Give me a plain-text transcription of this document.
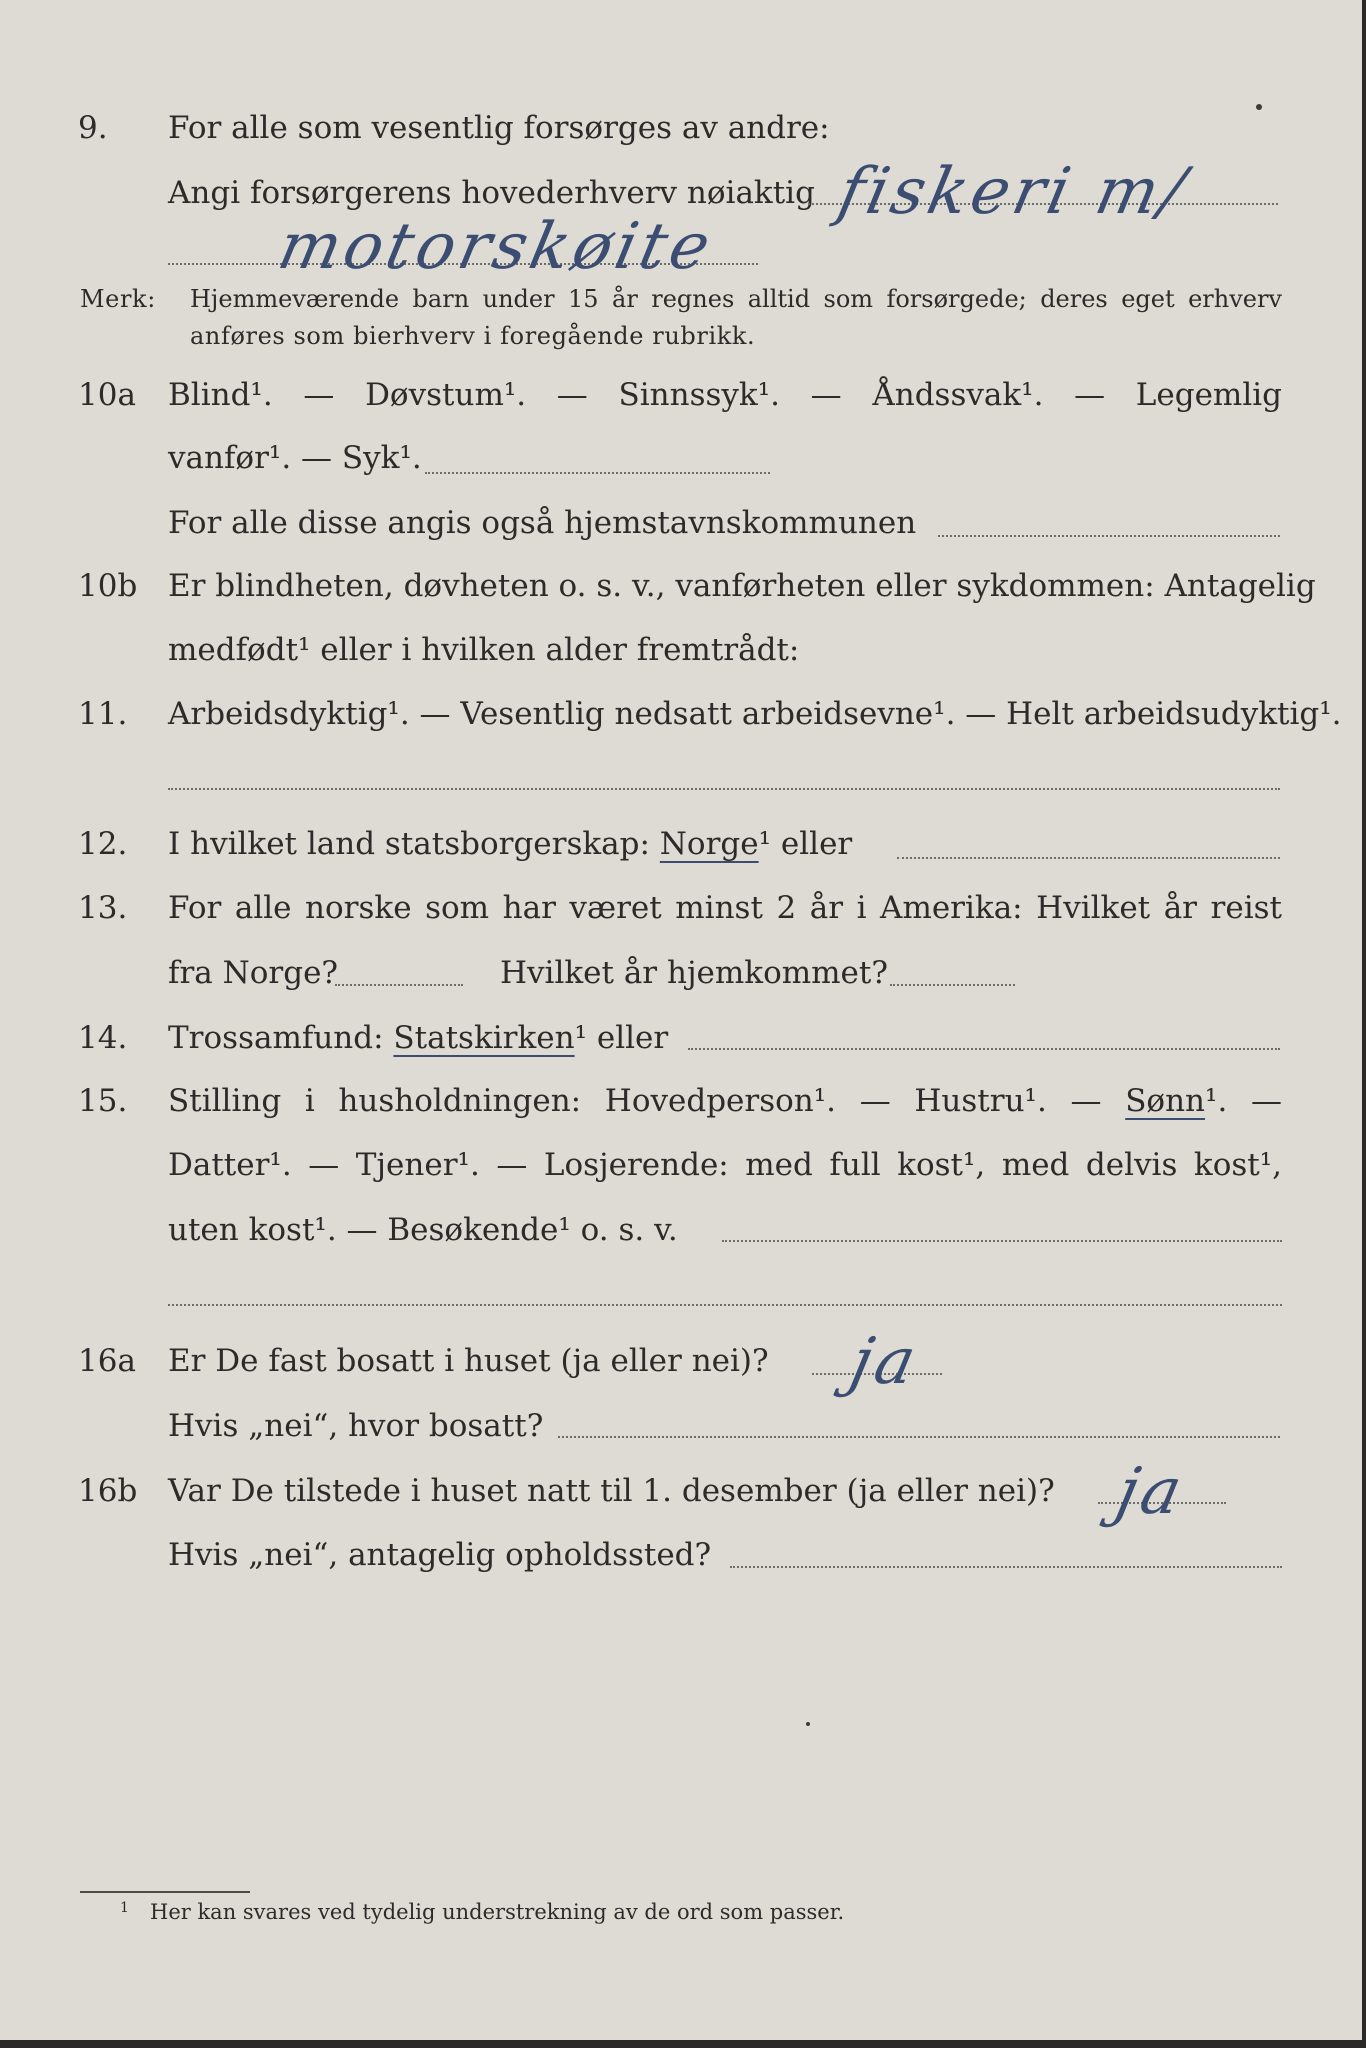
9. For alle som vesentlig forsørges av andre:
Angi forsørgerens hovederhverv nøiaktig fiskeri m/
motorskøite
Merk: Hjemmeværende barn under 15 år regnes alltid som forsørgede; deres eget erhverv
anføres som bierhverv i foregående rubrikk.
10a Blind¹. — Døvstum¹. — Sinnssyk¹. — Åndssvak¹. — Legemlig
vanfør¹. — Syk¹.
For alle disse angis også hjemstavnskommunen
10b Er blindheten, døvheten o. s. v., vanførheten eller sykdommen: Antagelig
medfødt¹ eller i hvilken alder fremtrådt:
11. Arbeidsdyktig¹. — Vesentlig nedsatt arbeidsevne¹. — Helt arbeidsudyktig¹.
12. I hvilket land statsborgerskap: Norge¹ eller
13. For alle norske som har været minst 2 år i Amerika: Hvilket år reist
fra Norge?	Hvilket år hjemkommet?
14. Trossamfund: Statskirken¹ eller
15. Stilling i husholdningen: Hovedperson¹. — Hustru¹. — Sønn¹. —
Datter¹. — Tjener¹. — Losjerende: med full kost¹, med delvis kost¹,
uten kost¹. — Besøkende¹ o. s. v.
16a Er De fast bosatt i huset (ja eller nei)? ja
Hvis „nei“, hvor bosatt?
16b Var De tilstede i huset natt til 1. desember (ja eller nei)? ja
Hvis „nei“, antagelig opholdssted?
1 Her kan svares ved tydelig understrekning av de ord som passer.
